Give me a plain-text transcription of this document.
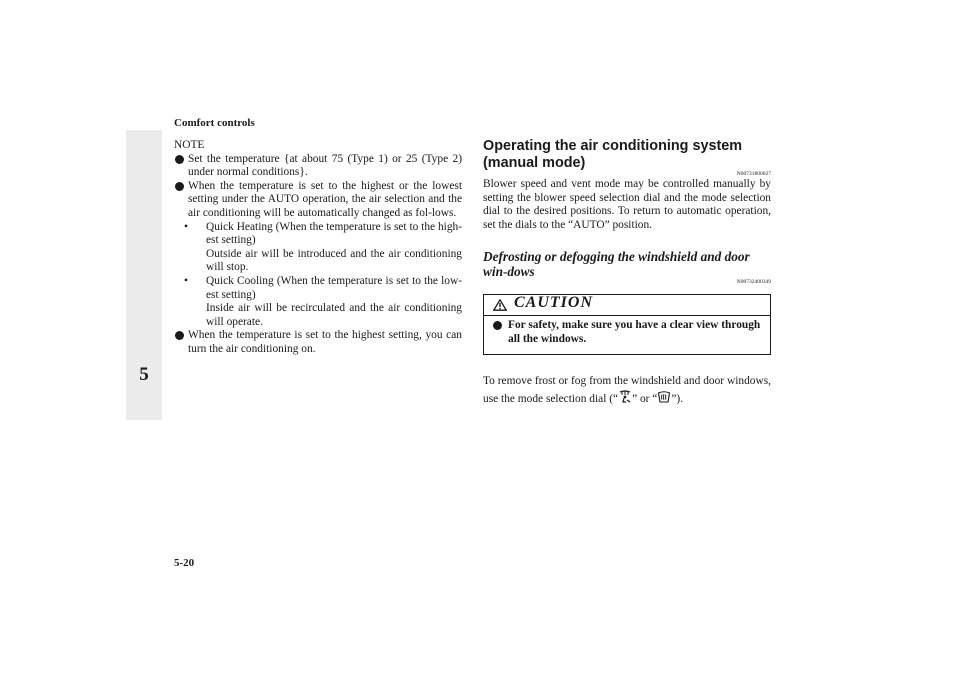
Comfort controls
5
5-20

NOTE

Set the temperature {at about 75 (Type 1) or 25 (Type 2) under normal conditions}.

When the temperature is set to the highest or the lowest setting under the AUTO operation, the air selection and the air conditioning will be automatically changed as fol-lows.

• Quick Heating (When the temperature is set to the high-est setting)
Outside air will be introduced and the air conditioning will stop.
• Quick Cooling (When the temperature is set to the low-est setting)
Inside air will be recirculated and the air conditioning will operate.

When the temperature is set to the highest setting, you can turn the air conditioning on.

Operating the air conditioning system (manual mode)

N00731800027

Blower speed and vent mode may be controlled manually by setting the blower speed selection dial and the mode selection dial to the desired positions. To return to automatic operation, set the dials to the “AUTO” position.

Defrosting or defogging the windshield and door win-dows

N00732400349

CAUTION

For safety, make sure you have a clear view through all the windows.

To remove frost or fog from the windshield and door windows, use the mode selection dial (“ ” or “ ”).
